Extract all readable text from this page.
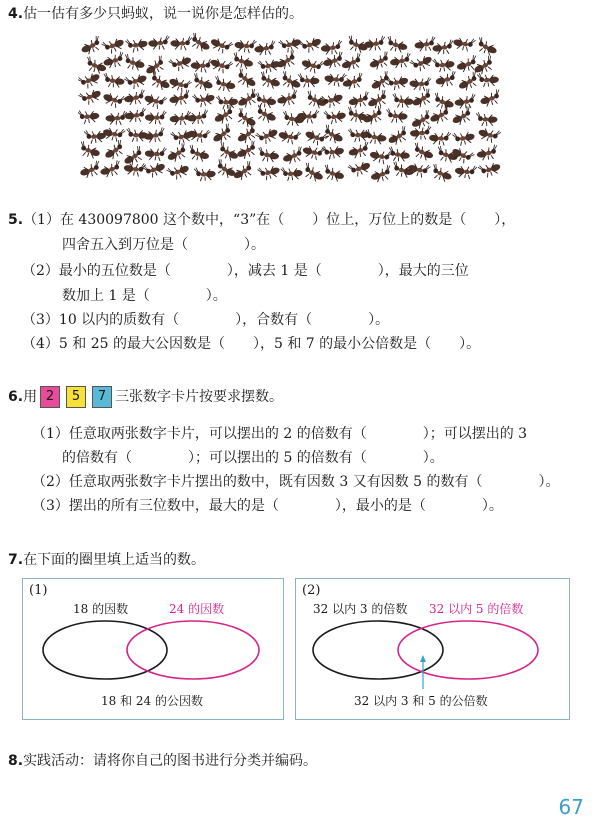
4.估一估有多少只蚂蚁，说一说你是怎样估的。
5.（1）在 430097800 这个数中，“3”在（　　）位上，万位上的数是（　　），
四舍五入到万位是（　　　　）。
（2）最小的五位数是（　　　　），减去 1 是（　　　　），最大的三位
数加上 1 是（　　　　）。
（3）10 以内的质数有（　　　　），合数有（　　　　）。
（4）5 和 25 的最大公因数是（　　），5 和 7 的最小公倍数是（　　）。
6.用 2 5 7 三张数字卡片按要求摆数。
（1）任意取两张数字卡片，可以摆出的 2 的倍数有（　　　　）；可以摆出的 3
的倍数有（　　　　）；可以摆出的 5 的倍数有（　　　　）。
（2）任意取两张数字卡片摆出的数中，既有因数 3 又有因数 5 的数有（　　　　）。
（3）摆出的所有三位数中，最大的是（　　　　），最小的是（　　　　）。
7.在下面的圈里填上适当的数。
(1)
18 的因数	24 的因数
18 和 24 的公因数
(2)
32 以内 3 的倍数 32 以内 5 的倍数
32 以内 3 和 5 的公倍数
8.实践活动：请将你自己的图书进行分类并编码。
67
